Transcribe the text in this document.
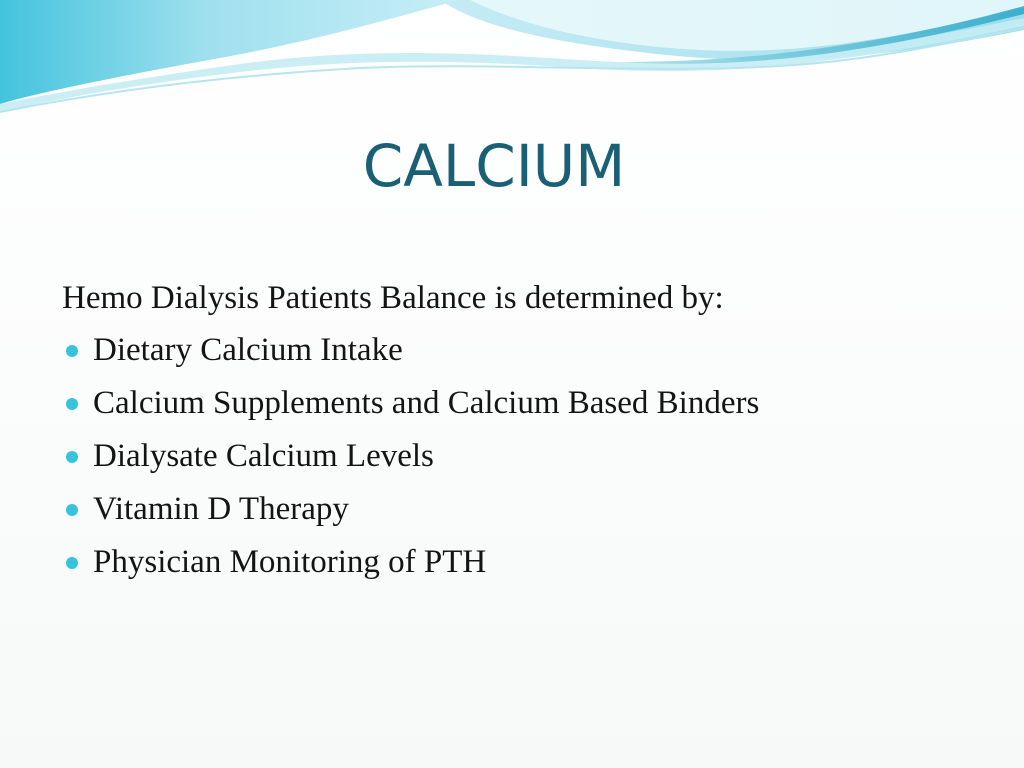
CALCIUM

Hemo Dialysis Patients Balance is determined by:

Dietary Calcium Intake
Calcium Supplements and Calcium Based Binders
Dialysate Calcium Levels
Vitamin D Therapy
Physician Monitoring of PTH
